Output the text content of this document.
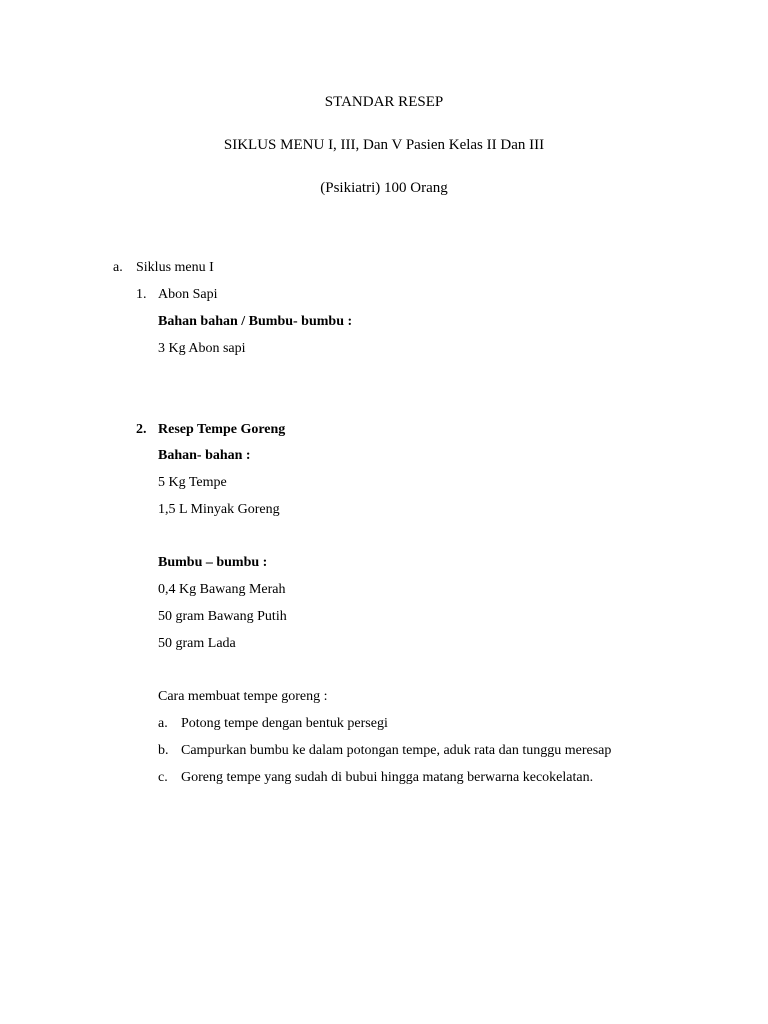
STANDAR RESEP
SIKLUS MENU I, III, Dan V Pasien Kelas II Dan III
(Psikiatri) 100 Orang
a. Siklus menu I
1. Abon Sapi
Bahan bahan / Bumbu- bumbu :
3 Kg Abon sapi
2. Resep Tempe Goreng
Bahan- bahan :
5 Kg Tempe
1,5 L Minyak Goreng
Bumbu – bumbu :
0,4 Kg Bawang Merah
50 gram Bawang Putih
50 gram Lada
Cara membuat tempe goreng :
a. Potong tempe dengan bentuk persegi
b. Campurkan bumbu ke dalam potongan tempe, aduk rata dan tunggu meresap
c. Goreng tempe yang sudah di bubui hingga matang berwarna kecokelatan.
